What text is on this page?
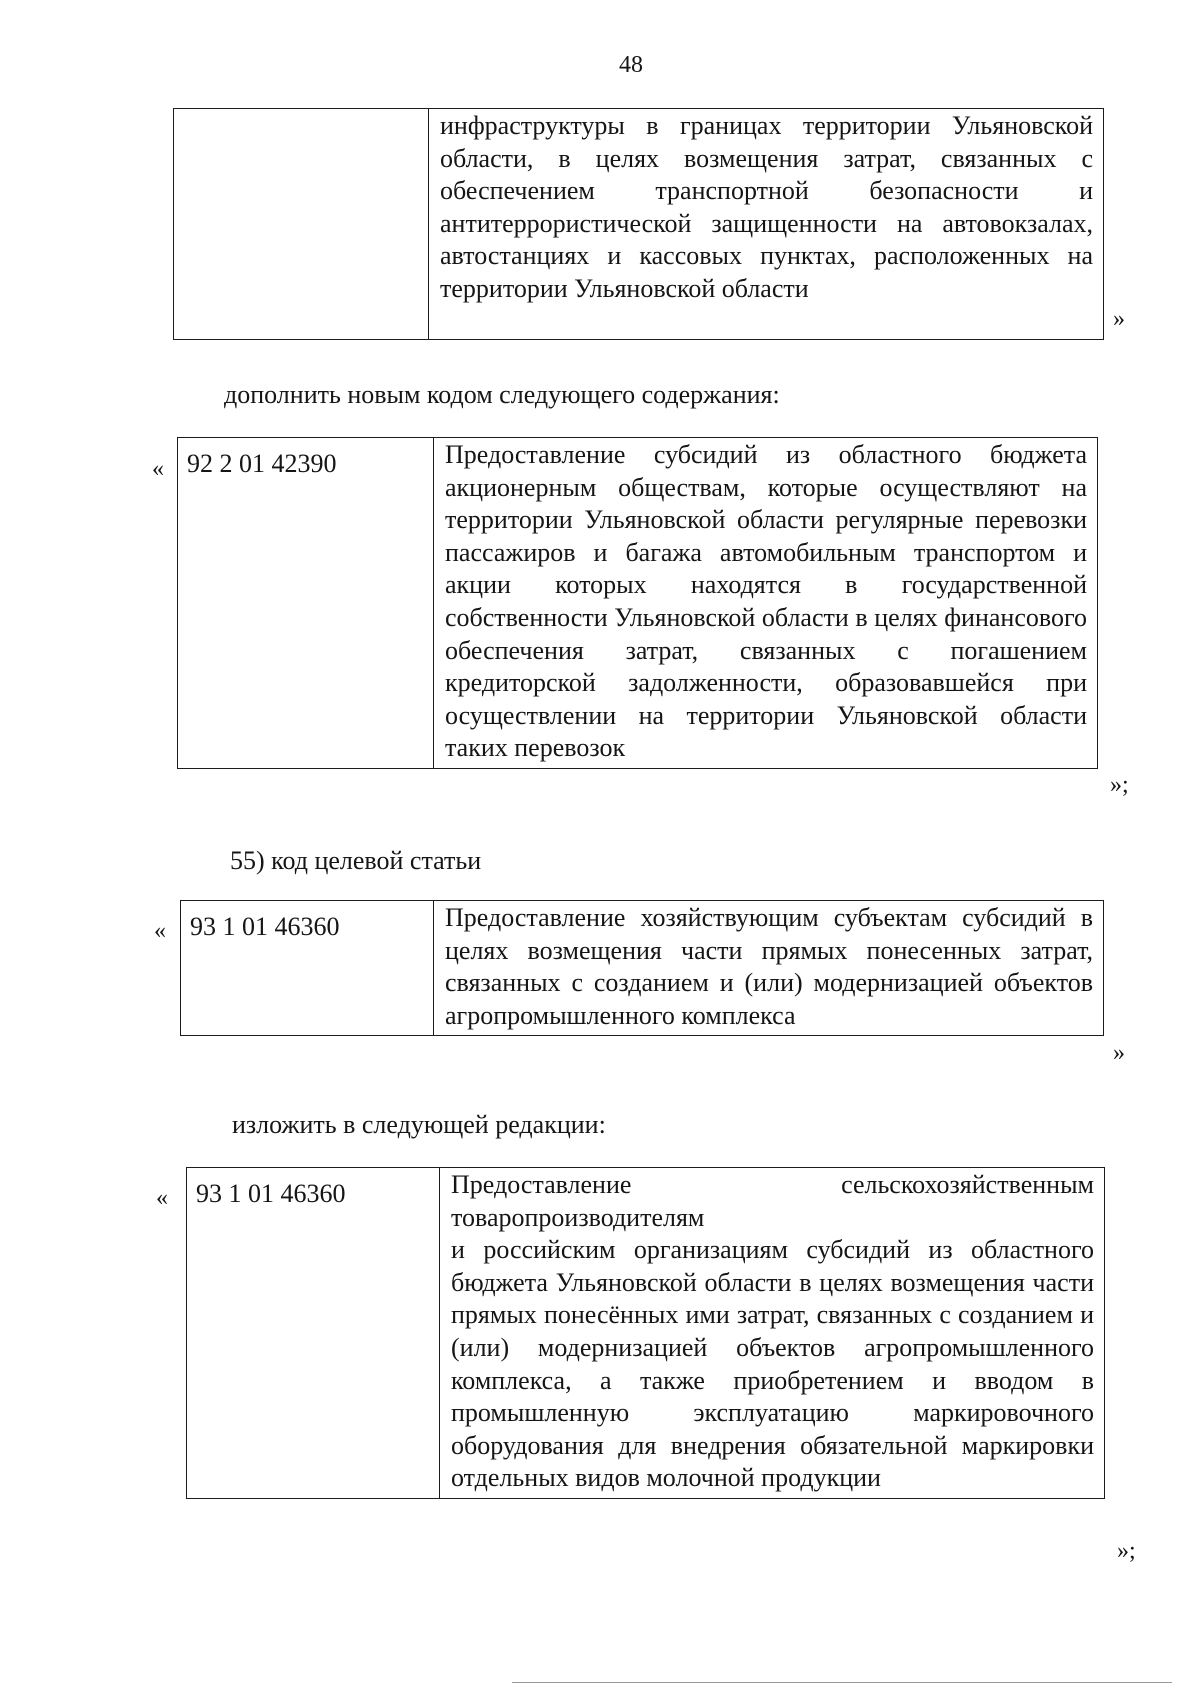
48

инфраструктуры в границах территории Ульяновской области, в целях возмещения затрат, связанных с обеспечением транспортной безопасности и антитеррористической защищенности на автовокзалах, автостанциях и кассовых пунктах, расположенных на территории Ульяновской области

»
дополнить новым кодом следующего содержания:
« 92 2 01 42390	Предоставление субсидий из областного бюджета акционерным обществам, которые осуществляют на территории Ульяновской области регулярные перевозки пассажиров и багажа автомобильным транспортом и акции которых находятся в государственной собственности Ульяновской области в целях финансового обеспечения затрат, связанных с погашением кредиторской задолженности, образовавшейся при осуществлении на территории Ульяновской области таких перевозок

»;
55) код целевой статьи
« 93 1 01 46360	Предоставление хозяйствующим субъектам субсидий в целях возмещения части прямых понесенных затрат, связанных с созданием и (или) модернизацией объектов агропромышленного комплекса

»
изложить в следующей редакции:
« 93 1 01 46360	Предоставление сельскохозяйственным товаропроизводителям

и российским организациям субсидий из областного бюджета Ульяновской области в целях возмещения части прямых понесённых ими затрат, связанных с созданием и (или) модернизацией объектов агропромышленного комплекса, а также приобретением и вводом в промышленную эксплуатацию маркировочного оборудования для внедрения обязательной маркировки отдельных видов молочной продукции

»;
